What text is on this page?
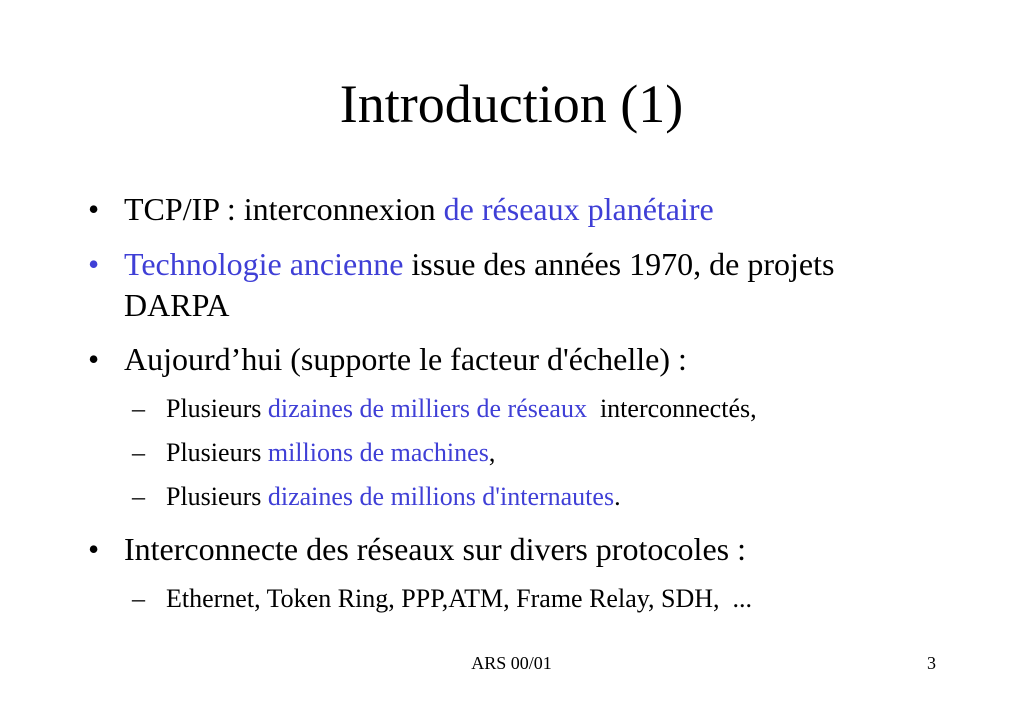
Introduction (1)
• TCP/IP : interconnexion de réseaux planétaire
• Technologie ancienne issue des années 1970, de projets
DARPA
• Aujourd’hui (supporte le facteur d'échelle) :
– Plusieurs dizaines de milliers de réseaux  interconnectés,
– Plusieurs millions de machines,
– Plusieurs dizaines de millions d'internautes.
• Interconnecte des réseaux sur divers protocoles :
– Ethernet, Token Ring, PPP,ATM, Frame Relay, SDH,  ...
ARS 00/01	3
